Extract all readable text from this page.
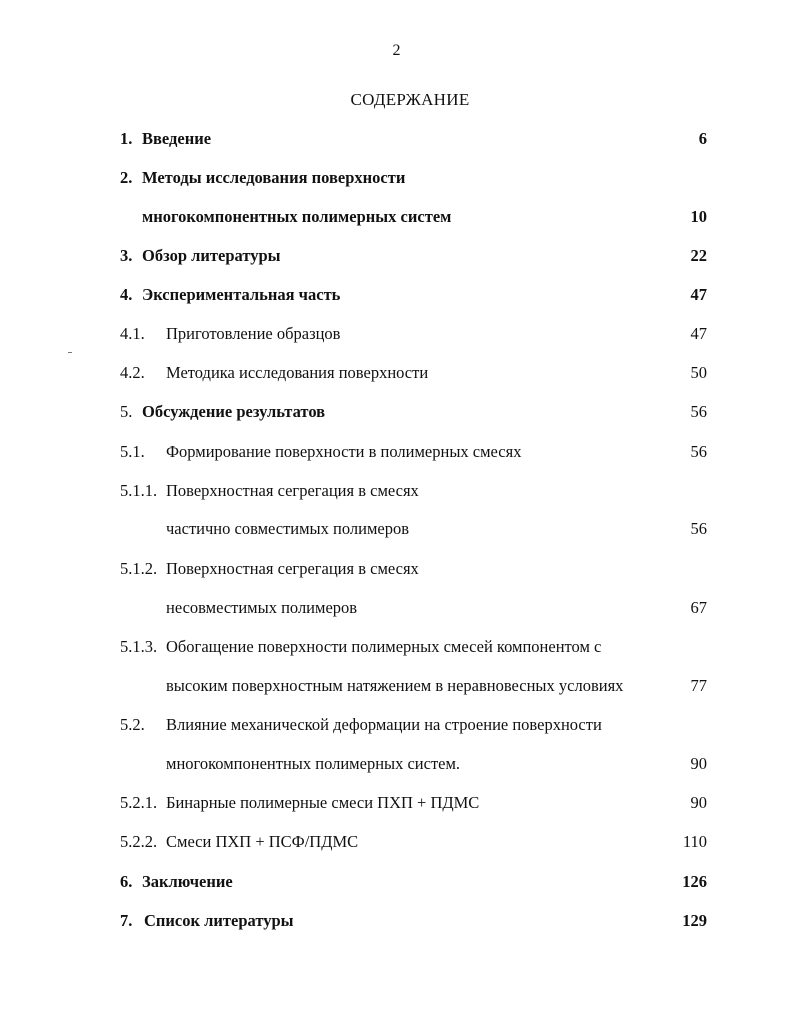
2
СОДЕРЖАНИЕ
1. Введение	6
2. Методы исследования поверхности
многокомпонентных полимерных систем	10
3. Обзор литературы	22
4. Экспериментальная часть	47
4.1. Приготовление образцов	47
4.2. Методика исследования поверхности	50
5. Обсуждение результатов	56
5.1. Формирование поверхности в полимерных смесях	56
5.1.1. Поверхностная сегрегация в смесях
частично совместимых полимеров	56
5.1.2. Поверхностная сегрегация в смесях
несовместимых полимеров	67
5.1.3. Обогащение поверхности полимерных смесей компонентом с
высоким поверхностным натяжением в неравновесных условиях	77
5.2. Влияние механической деформации на строение поверхности
многокомпонентных полимерных систем.	90
5.2.1. Бинарные полимерные смеси ПХП + ПДМС	90
5.2.2. Смеси ПХП + ПСФ/ПДМС	110
6. Заключение	126
7. Список литературы	129
